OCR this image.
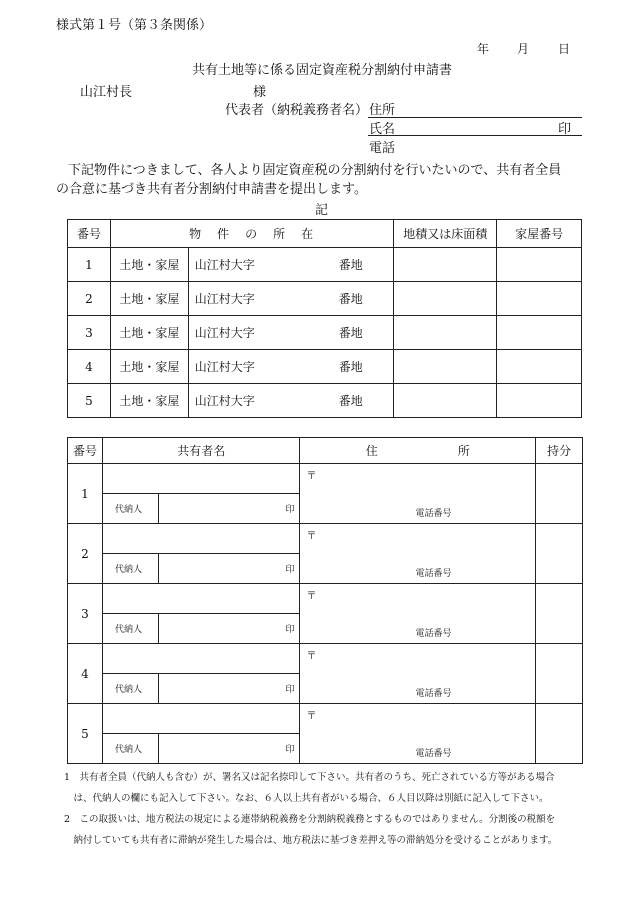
様式第１号（第３条関係）
年 月 日
共有土地等に係る固定資産税分割納付申請書
山江村長	様
代表者（納税義務者名） 住所
氏名	印
電話
下記物件につきまして、各人より固定資産税の分割納付を行いたいので、共有者全員
の合意に基づき共有者分割納付申請書を提出します。
記
番号	物　件　の　所　在		地積又は床面積	家屋番号
1	土地・家屋	山江村大字 番地		
2	土地・家屋	山江村大字 番地		
3	土地・家屋	山江村大字 番地		
4	土地・家屋	山江村大字 番地		
5	土地・家屋	山江村大字 番地		
番号	共有者名		住 所	持分
1			〒
電話番号	

	代納人	印		
2			〒
電話番号	

	代納人	印		
3			〒
電話番号	

	代納人	印		
4			〒
電話番号	

	代納人	印		
5			〒
電話番号	

	代納人	印		
1　共有者全員（代納人も含む）が、署名又は記名捺印して下さい。共有者のうち、死亡されている方等がある場合
　は、代納人の欄にも記入して下さい。なお、６人以上共有者がいる場合、６人目以降は別紙に記入して下さい。
2　この取扱いは、地方税法の規定による連帯納税義務を分割納税義務とするものではありません。分割後の税額を
　納付していても共有者に滞納が発生した場合は、地方税法に基づき差押え等の滞納処分を受けることがあります。
